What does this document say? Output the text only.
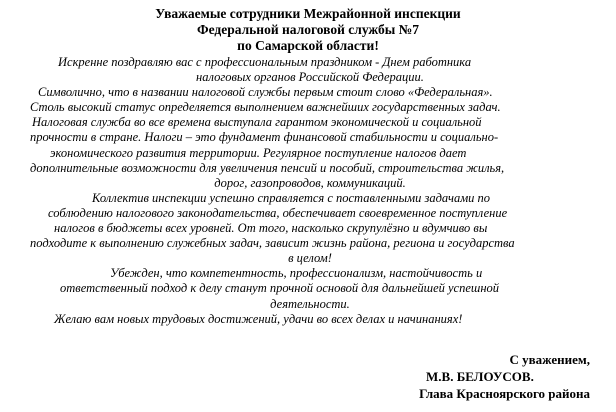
Уважаемые сотрудники Межрайонной инспекции
Федеральной налоговой службы №7
по Самарской области!
Искренне поздравляю вас с профессиональным праздником - Днем работника
налоговых органов Российской Федерации.
Символично, что в названии налоговой службы первым стоит слово «Федеральная».
Столь высокий статус определяется выполнением важнейших государственных задач.
Налоговая служба во все времена выступала гарантом экономической и социальной
прочности в стране. Налоги – это фундамент финансовой стабильности и социально-
экономического развития территории. Регулярное поступление налогов дает
дополнительные возможности для увеличения пенсий и пособий, строительства жилья,
дорог, газопроводов, коммуникаций.
Коллектив инспекции успешно справляется с поставленными задачами по
соблюдению налогового законодательства, обеспечивает своевременное поступление
налогов в бюджеты всех уровней. От того, насколько скрупулёзно и вдумчиво вы
подходите к выполнению служебных задач, зависит жизнь района, региона и государства
в целом!
Убежден, что компетентность, профессионализм, настойчивость и
ответственный подход к делу станут прочной основой для дальнейшей успешной
деятельности.
Желаю вам новых трудовых достижений, удачи во всех делах и начинаниях!
С уважением,
М.В. БЕЛОУСОВ.
Глава Красноярского района
